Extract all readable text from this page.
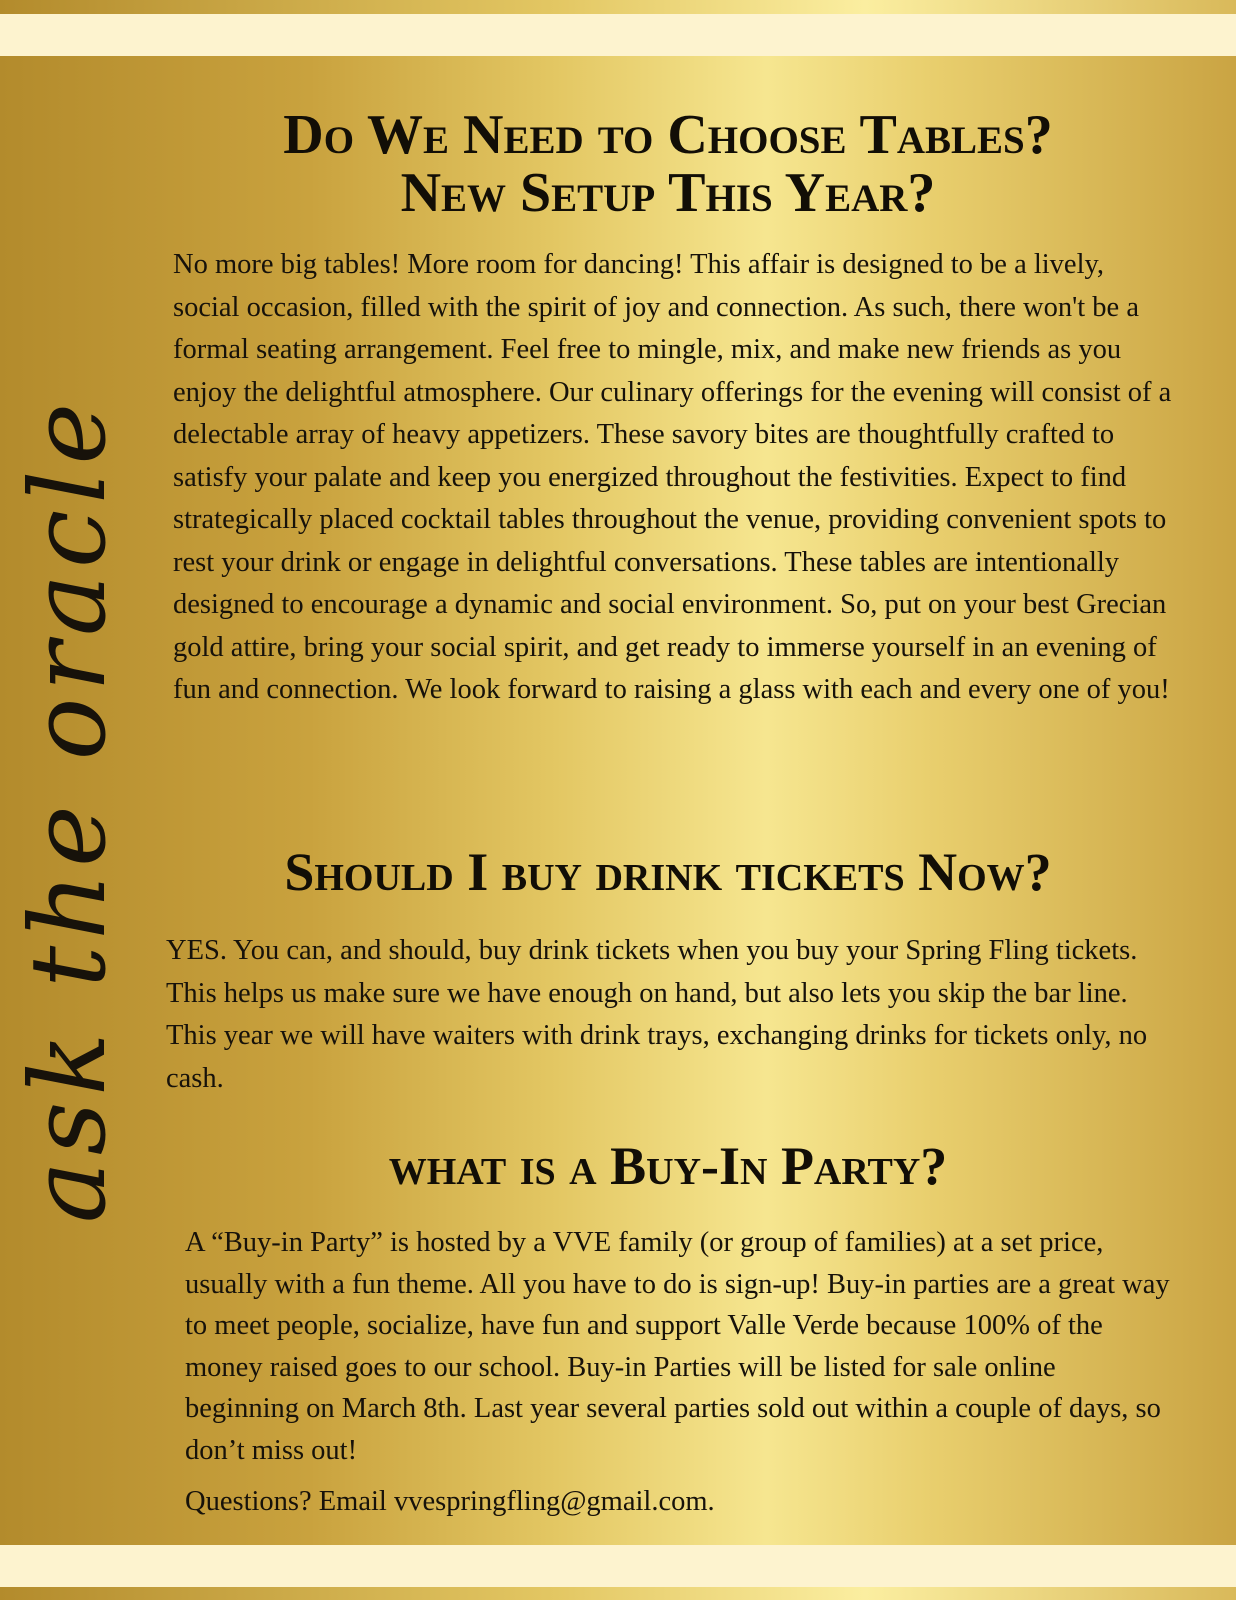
ask the oracle
Do We Need to Choose Tables?
New Setup This Year?

No more big tables! More room for dancing! This affair is designed to be a lively, social occasion, filled with the spirit of joy and connection. As such, there won't be a formal seating arrangement. Feel free to mingle, mix, and make new friends as you enjoy the delightful atmosphere. Our culinary offerings for the evening will consist of a delectable array of heavy appetizers. These savory bites are thoughtfully crafted to satisfy your palate and keep you energized throughout the festivities. Expect to find strategically placed cocktail tables throughout the venue, providing convenient spots to rest your drink or engage in delightful conversations. These tables are intentionally designed to encourage a dynamic and social environment. So, put on your best Grecian gold attire, bring your social spirit, and get ready to immerse yourself in an evening of fun and connection. We look forward to raising a glass with each and every one of you!

Should I buy drink tickets Now?

YES. You can, and should, buy drink tickets when you buy your Spring Fling tickets. This helps us make sure we have enough on hand, but also lets you skip the bar line. This year we will have waiters with drink trays, exchanging drinks for tickets only, no cash.

what is a Buy-In Party?

A “Buy-in Party” is hosted by a VVE family (or group of families) at a set price, usually with a fun theme. All you have to do is sign-up! Buy-in parties are a great way to meet people, socialize, have fun and support Valle Verde because 100% of the money raised goes to our school. Buy-in Parties will be listed for sale online beginning on March 8th. Last year several parties sold out within a couple of days, so don’t miss out!

Questions? Email vvespringfling@gmail.com.
